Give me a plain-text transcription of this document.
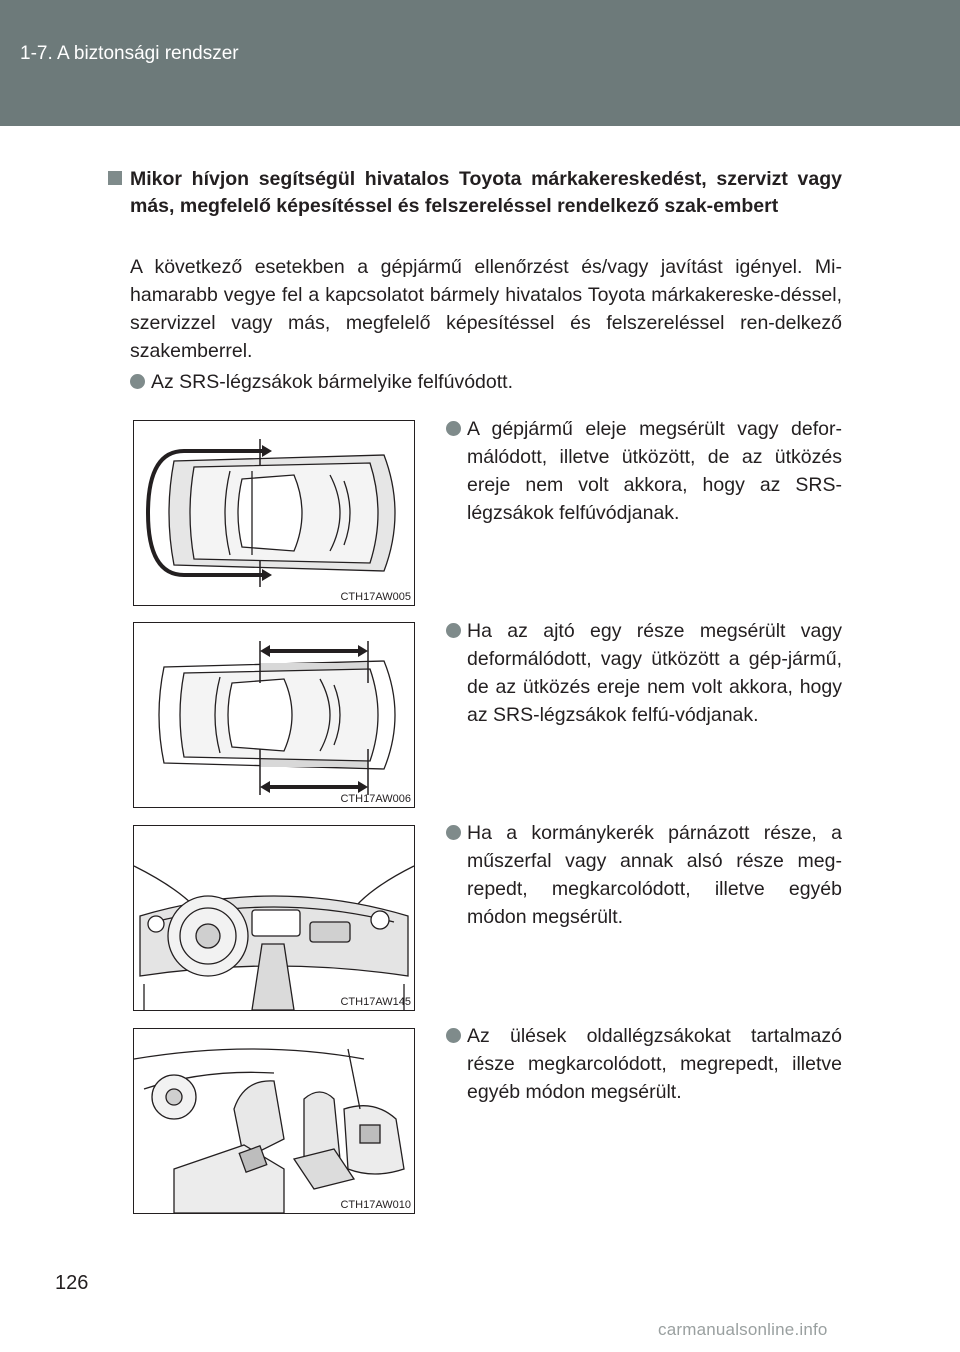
1-7. A biztonsági rendszer
Mikor hívjon segítségül hivatalos Toyota márkakereskedést, szervizt vagy más, megfelelő képesítéssel és felszereléssel rendelkező szak-embert
A következő esetekben a gépjármű ellenőrzést és/vagy javítást igényel. Mi-hamarabb vegye fel a kapcsolatot bármely hivatalos Toyota márkakereske-déssel, szervizzel vagy más, megfelelő képesítéssel és felszereléssel ren-delkező szakemberrel.
Az SRS-légzsákok bármelyike felfúvódott.
A gépjármű eleje megsérült vagy defor-málódott, illetve ütközött, de az ütközés ereje nem volt akkora, hogy az SRS-légzsákok felfúvódjanak.
CTH17AW005
Ha az ajtó egy része megsérült vagy deformálódott, vagy ütközött a gép-jármű, de az ütközés ereje nem volt akkora, hogy az SRS-légzsákok felfú-vódjanak.
CTH17AW006
Ha a kormánykerék párnázott része, a műszerfal vagy annak alsó része meg-repedt, megkarcolódott, illetve egyéb módon megsérült.
CTH17AW145
Az ülések oldallégzsákokat tartalmazó része megkarcolódott, megrepedt, illetve egyéb módon megsérült.
CTH17AW010
126
carmanualsonline.info
